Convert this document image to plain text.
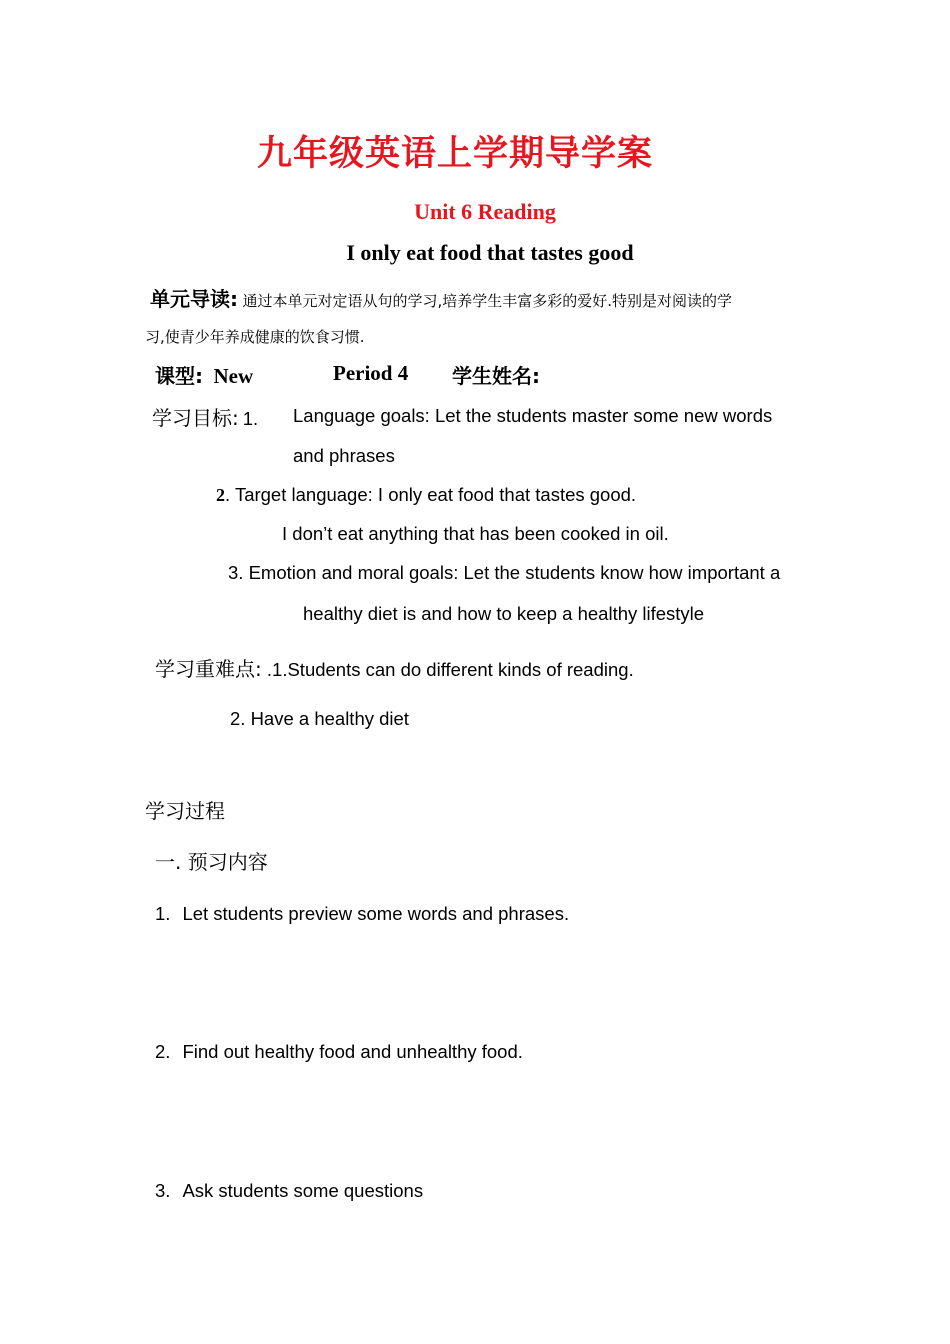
九年级英语上学期导学案
Unit 6 Reading
I only eat food that tastes good
单元导读: 通过本单元对定语从句的学习,培养学生丰富多彩的爱好.特别是对阅读的学
习,使青少年养成健康的饮食习惯.
课型: New	Period 4 学生姓名:
学习目标: 1. Language goals: Let the students master some new words
and phrases
2. Target language: I only eat food that tastes good.
I don’t eat anything that has been cooked in oil.
3. Emotion and moral goals: Let the students know how important a
healthy diet is and how to keep a healthy lifestyle
学习重难点: .1.Students can do different kinds of reading.
2. Have a healthy diet
学习过程
一. 预习内容
1. Let students preview some words and phrases.
2. Find out healthy food and unhealthy food.
3. Ask students some questions
